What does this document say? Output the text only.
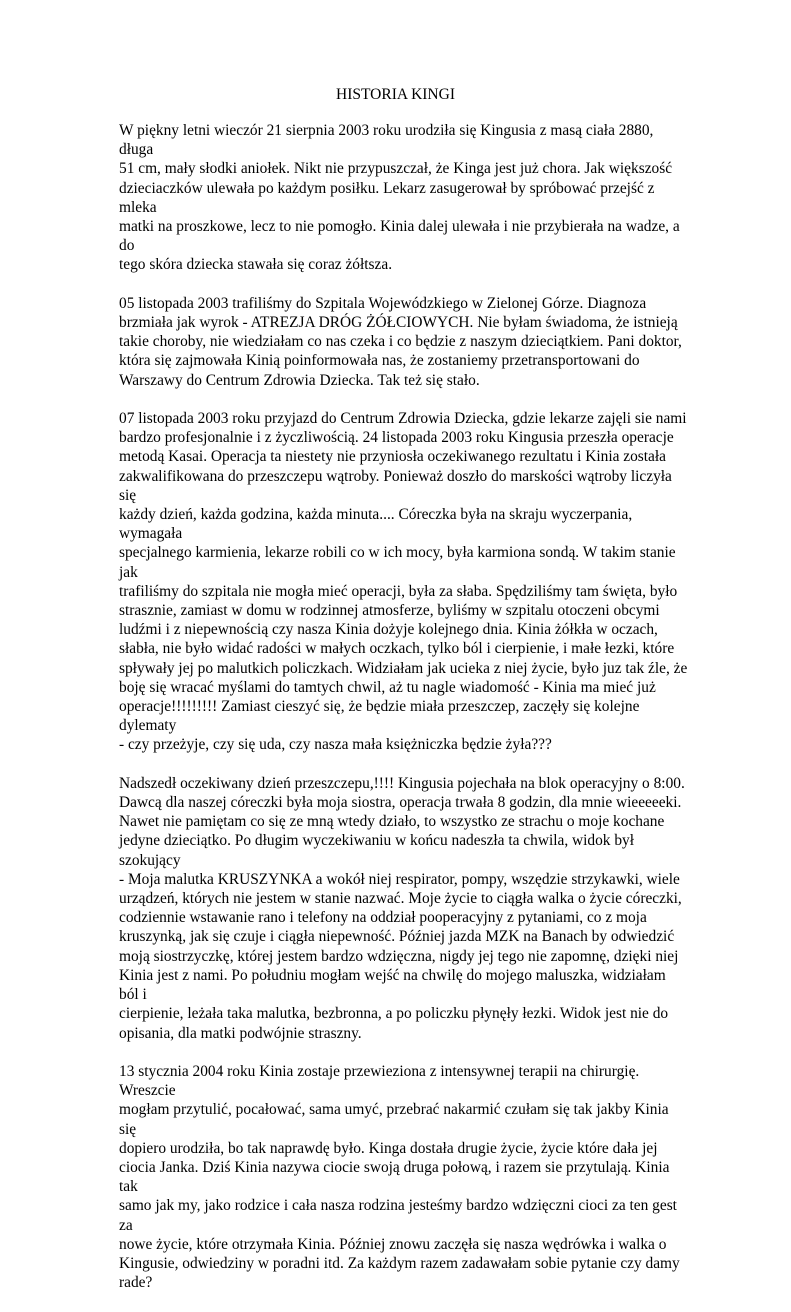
HISTORIA KINGI

W piękny letni wieczór 21 sierpnia 2003 roku urodziła się Kingusia z masą ciała 2880, długa
51 cm, mały słodki aniołek. Nikt nie przypuszczał, że Kinga jest już chora. Jak większość
dzieciaczków ulewała po każdym posiłku. Lekarz zasugerował by spróbować przejść z mleka
matki na proszkowe, lecz to nie pomogło. Kinia dalej ulewała i nie przybierała na wadze, a do
tego skóra dziecka stawała się coraz żółtsza.

05 listopada 2003 trafiliśmy do Szpitala Wojewódzkiego w Zielonej Górze. Diagnoza
brzmiała jak wyrok - ATREZJA DRÓG ŻÓŁCIOWYCH. Nie byłam świadoma, że istnieją
takie choroby, nie wiedziałam co nas czeka i co będzie z naszym dzieciątkiem. Pani doktor,
która się zajmowała Kinią poinformowała nas, że zostaniemy przetransportowani do
Warszawy do Centrum Zdrowia Dziecka. Tak też się stało.

07 listopada 2003 roku przyjazd do Centrum Zdrowia Dziecka, gdzie lekarze zajęli sie nami
bardzo profesjonalnie i z życzliwością. 24 listopada 2003 roku Kingusia przeszła operacje
metodą Kasai. Operacja ta niestety nie przyniosła oczekiwanego rezultatu i Kinia została
zakwalifikowana do przeszczepu wątroby. Ponieważ doszło do marskości wątroby liczyła się
każdy dzień, każda godzina, każda minuta.... Córeczka była na skraju wyczerpania, wymagała
specjalnego karmienia, lekarze robili co w ich mocy, była karmiona sondą. W takim stanie jak
trafiliśmy do szpitala nie mogła mieć operacji, była za słaba. Spędziliśmy tam święta, było
strasznie, zamiast w domu w rodzinnej atmosferze, byliśmy w szpitalu otoczeni obcymi
ludźmi i z niepewnością czy nasza Kinia dożyje kolejnego dnia. Kinia żółkła w oczach,
słabła, nie było widać radości w małych oczkach, tylko ból i cierpienie, i małe łezki, które
spływały jej po malutkich policzkach. Widziałam jak ucieka z niej życie, było juz tak źle, że
boję się wracać myślami do tamtych chwil, aż tu nagle wiadomość - Kinia ma mieć już
operacje!!!!!!!!! Zamiast cieszyć się, że będzie miała przeszczep, zaczęły się kolejne dylematy
- czy przeżyje, czy się uda, czy nasza mała księżniczka będzie żyła???

Nadszedł oczekiwany dzień przeszczepu,!!!! Kingusia pojechała na blok operacyjny o 8:00.
Dawcą dla naszej córeczki była moja siostra, operacja trwała 8 godzin, dla mnie wieeeeeki.
Nawet nie pamiętam co się ze mną wtedy działo, to wszystko ze strachu o moje kochane
jedyne dzieciątko. Po długim wyczekiwaniu w końcu nadeszła ta chwila, widok był szokujący
- Moja malutka KRUSZYNKA a wokół niej respirator, pompy, wszędzie strzykawki, wiele
urządzeń, których nie jestem w stanie nazwać. Moje życie to ciągła walka o życie córeczki,
codziennie wstawanie rano i telefony na oddział pooperacyjny z pytaniami, co z moja
kruszynką, jak się czuje i ciągła niepewność. Później jazda MZK na Banach by odwiedzić
moją siostrzyczkę, której jestem bardzo wdzięczna, nigdy jej tego nie zapomnę, dzięki niej
Kinia jest z nami. Po południu mogłam wejść na chwilę do mojego maluszka, widziałam ból i
cierpienie, leżała taka malutka, bezbronna, a po policzku płynęły łezki. Widok jest nie do
opisania, dla matki podwójnie straszny.

13 stycznia 2004 roku Kinia zostaje przewieziona z intensywnej terapii na chirurgię. Wreszcie
mogłam przytulić, pocałować, sama umyć, przebrać nakarmić czułam się tak jakby Kinia się
dopiero urodziła, bo tak naprawdę było. Kinga dostała drugie życie, życie które dała jej
ciocia Janka. Dziś Kinia nazywa ciocie swoją druga połową, i razem sie przytulają. Kinia tak
samo jak my, jako rodzice i cała nasza rodzina jesteśmy bardzo wdzięczni cioci za ten gest za
nowe życie, które otrzymała Kinia. Później znowu zaczęła się nasza wędrówka i walka o
Kingusie, odwiedziny w poradni itd. Za każdym razem zadawałam sobie pytanie czy damy
rade?
